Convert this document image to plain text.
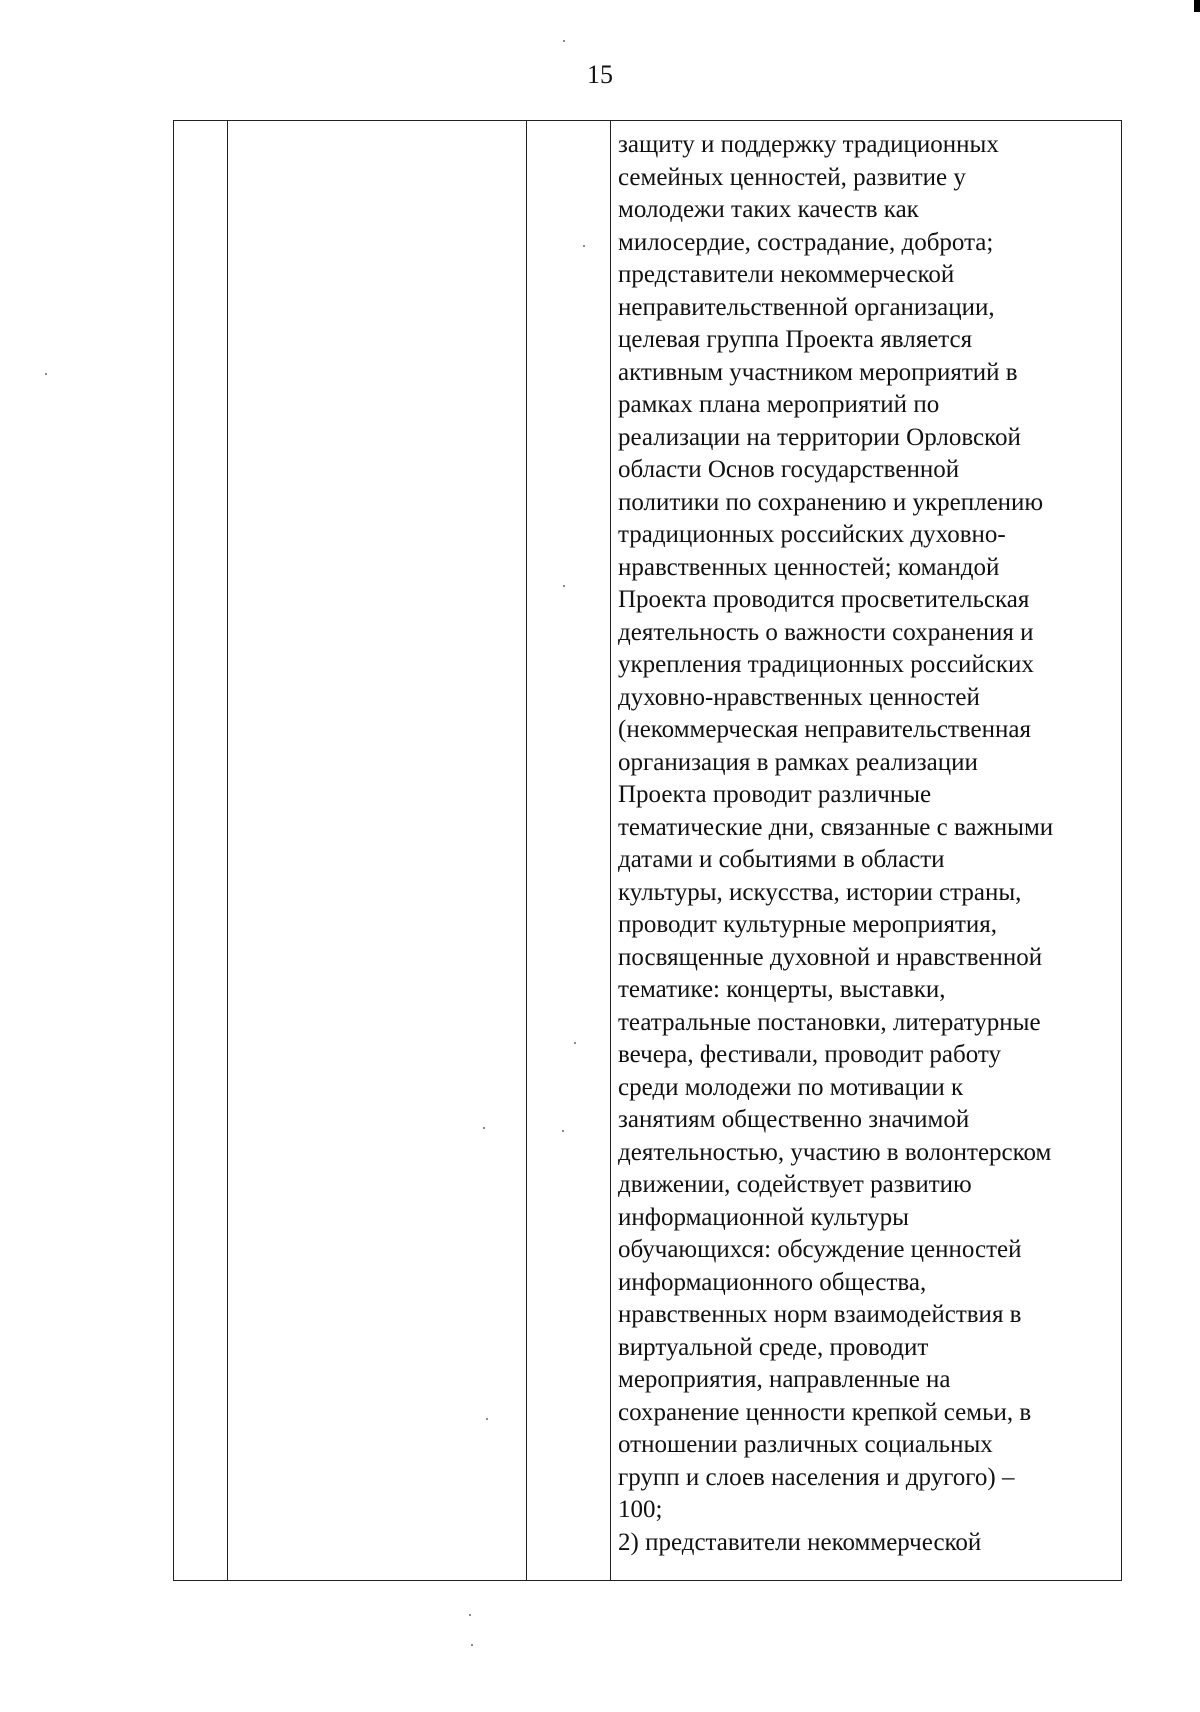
15
защиту и поддержку традиционных
семейных ценностей, развитие у
молодежи таких качеств как
милосердие, сострадание, доброта;
представители некоммерческой
неправительственной организации,
целевая группа Проекта является
активным участником мероприятий в
рамках плана мероприятий по
реализации на территории Орловской
области Основ государственной
политики по сохранению и укреплению
традиционных российских духовно-
нравственных ценностей; командой
Проекта проводится просветительская
деятельность о важности сохранения и
укрепления традиционных российских
духовно-нравственных ценностей
(некоммерческая неправительственная
организация в рамках реализации
Проекта проводит различные
тематические дни, связанные с важными
датами и событиями в области
культуры, искусства, истории страны,
проводит культурные мероприятия,
посвященные духовной и нравственной
тематике: концерты, выставки,
театральные постановки, литературные
вечера, фестивали, проводит работу
среди молодежи по мотивации к
занятиям общественно значимой
деятельностью, участию в волонтерском
движении, содействует развитию
информационной культуры
обучающихся: обсуждение ценностей
информационного общества,
нравственных норм взаимодействия в
виртуальной среде, проводит
мероприятия, направленные на
сохранение ценности крепкой семьи, в
отношении различных социальных
групп и слоев населения и другого) –
100;
2) представители некоммерческой
